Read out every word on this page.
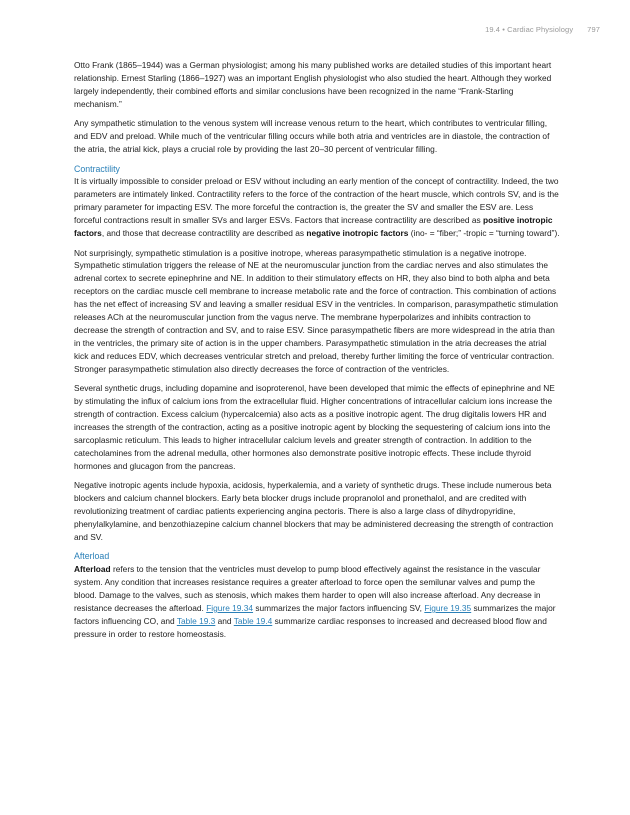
19.4 • Cardiac Physiology 797

Otto Frank (1865–1944) was a German physiologist; among his many published works are detailed studies of this important heart relationship. Ernest Starling (1866–1927) was an important English physiologist who also studied the heart. Although they worked largely independently, their combined efforts and similar conclusions have been recognized in the name “Frank-Starling mechanism.”

Any sympathetic stimulation to the venous system will increase venous return to the heart, which contributes to ventricular filling, and EDV and preload. While much of the ventricular filling occurs while both atria and ventricles are in diastole, the contraction of the atria, the atrial kick, plays a crucial role by providing the last 20–30 percent of ventricular filling.

Contractility

It is virtually impossible to consider preload or ESV without including an early mention of the concept of contractility. Indeed, the two parameters are intimately linked. Contractility refers to the force of the contraction of the heart muscle, which controls SV, and is the primary parameter for impacting ESV. The more forceful the contraction is, the greater the SV and smaller the ESV are. Less forceful contractions result in smaller SVs and larger ESVs. Factors that increase contractility are described as positive inotropic factors, and those that decrease contractility are described as negative inotropic factors (ino- = “fiber;” -tropic = “turning toward”).

Not surprisingly, sympathetic stimulation is a positive inotrope, whereas parasympathetic stimulation is a negative inotrope. Sympathetic stimulation triggers the release of NE at the neuromuscular junction from the cardiac nerves and also stimulates the adrenal cortex to secrete epinephrine and NE. In addition to their stimulatory effects on HR, they also bind to both alpha and beta receptors on the cardiac muscle cell membrane to increase metabolic rate and the force of contraction. This combination of actions has the net effect of increasing SV and leaving a smaller residual ESV in the ventricles. In comparison, parasympathetic stimulation releases ACh at the neuromuscular junction from the vagus nerve. The membrane hyperpolarizes and inhibits contraction to decrease the strength of contraction and SV, and to raise ESV. Since parasympathetic fibers are more widespread in the atria than in the ventricles, the primary site of action is in the upper chambers. Parasympathetic stimulation in the atria decreases the atrial kick and reduces EDV, which decreases ventricular stretch and preload, thereby further limiting the force of ventricular contraction. Stronger parasympathetic stimulation also directly decreases the force of contraction of the ventricles.

Several synthetic drugs, including dopamine and isoproterenol, have been developed that mimic the effects of epinephrine and NE by stimulating the influx of calcium ions from the extracellular fluid. Higher concentrations of intracellular calcium ions increase the strength of contraction. Excess calcium (hypercalcemia) also acts as a positive inotropic agent. The drug digitalis lowers HR and increases the strength of the contraction, acting as a positive inotropic agent by blocking the sequestering of calcium ions into the sarcoplasmic reticulum. This leads to higher intracellular calcium levels and greater strength of contraction. In addition to the catecholamines from the adrenal medulla, other hormones also demonstrate positive inotropic effects. These include thyroid hormones and glucagon from the pancreas.

Negative inotropic agents include hypoxia, acidosis, hyperkalemia, and a variety of synthetic drugs. These include numerous beta blockers and calcium channel blockers. Early beta blocker drugs include propranolol and pronethalol, and are credited with revolutionizing treatment of cardiac patients experiencing angina pectoris. There is also a large class of dihydropyridine, phenylalkylamine, and benzothiazepine calcium channel blockers that may be administered decreasing the strength of contraction and SV.

Afterload

Afterload refers to the tension that the ventricles must develop to pump blood effectively against the resistance in the vascular system. Any condition that increases resistance requires a greater afterload to force open the semilunar valves and pump the blood. Damage to the valves, such as stenosis, which makes them harder to open will also increase afterload. Any decrease in resistance decreases the afterload. Figure 19.34 summarizes the major factors influencing SV, Figure 19.35 summarizes the major factors influencing CO, and Table 19.3 and Table 19.4 summarize cardiac responses to increased and decreased blood flow and pressure in order to restore homeostasis.
